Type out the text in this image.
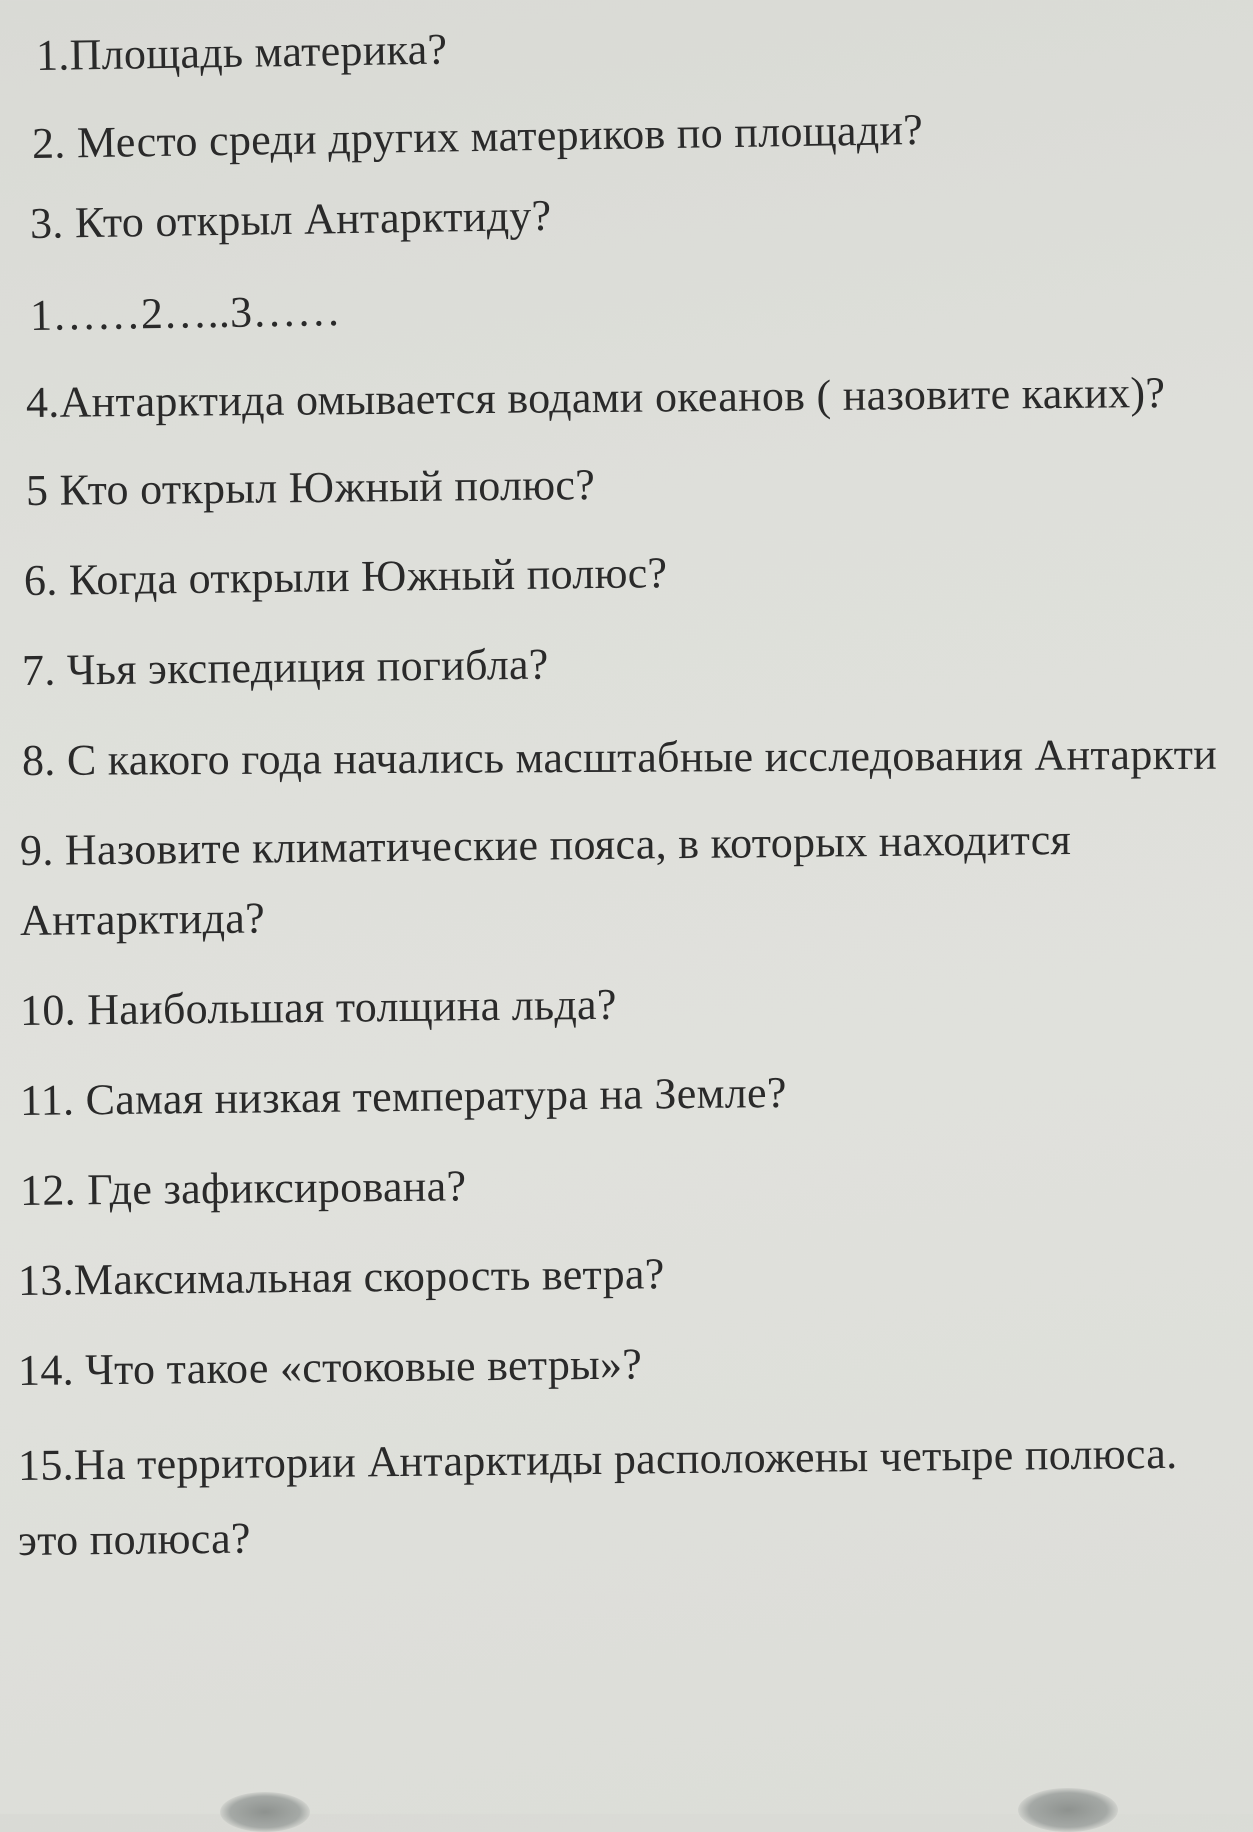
1.Площадь материка?
2. Место среди других материков по площади?
3. Кто открыл Антарктиду?
1……2…..3……
4.Антарктида омывается водами океанов ( назовите каких)?
5 Кто открыл Южный полюс?
6. Когда открыли Южный полюс?
7. Чья экспедиция погибла?
8. С какого года начались масштабные исследования Антаркти
9. Назовите климатические пояса, в которых находится
Антарктида?
10. Наибольшая толщина льда?
11. Самая низкая температура на Земле?
12. Где зафиксирована?
13.Максимальная скорость ветра?
14. Что такое «стоковые ветры»?
15.На территории Антарктиды расположены четыре полюса.
это полюса?
